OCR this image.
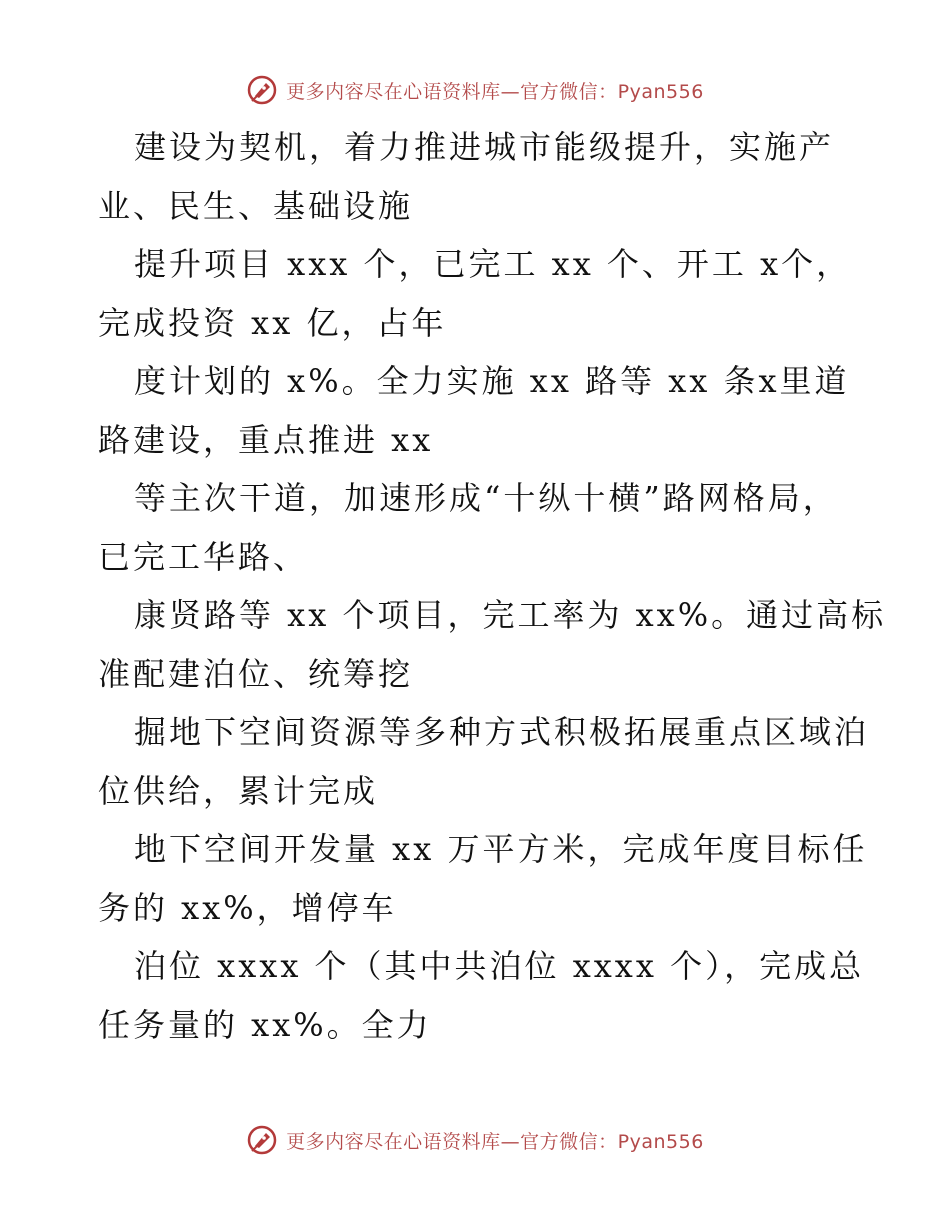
更多内容尽在心语资料库—官方微信：Pyan556
建设为契机，着力推进城市能级提升，实施产
业、民生、基础设施
提升项目 xxx 个，已完工 xx 个、开工 x个，
完成投资 xx 亿，占年
度计划的 x%。全力实施 xx 路等 xx 条x里道
路建设，重点推进 xx
等主次干道，加速形成“十纵十横”路网格局，
已完工华路、
康贤路等 xx 个项目，完工率为 xx%。通过高标
准配建泊位、统筹挖
掘地下空间资源等多种方式积极拓展重点区域泊
位供给，累计完成
地下空间开发量 xx 万平方米，完成年度目标任
务的 xx%，增停车
泊位 xxxx 个（其中共泊位 xxxx 个），完成总
任务量的 xx%。全力
更多内容尽在心语资料库—官方微信：Pyan556
